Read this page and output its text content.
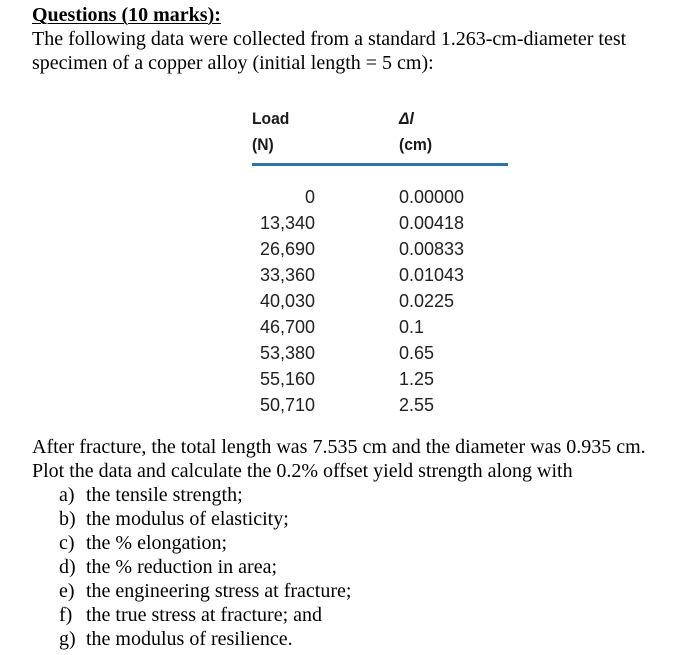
Questions (10 marks):
The following data were collected from a standard 1.263-cm-diameter test
specimen of a copper alloy (initial length = 5 cm):
Load
(N)
Δl
(cm)
0
13,340
26,690
33,360
40,030
46,700
53,380
55,160
50,710
0.00000
0.00418
0.00833
0.01043
0.0225
0.1
0.65
1.25
2.55
After fracture, the total length was 7.535 cm and the diameter was 0.935 cm.
Plot the data and calculate the 0.2% offset yield strength along with
a) the tensile strength;
b) the modulus of elasticity;
c) the % elongation;
d) the % reduction in area;
e) the engineering stress at fracture;
f) the true stress at fracture; and
g) the modulus of resilience.
